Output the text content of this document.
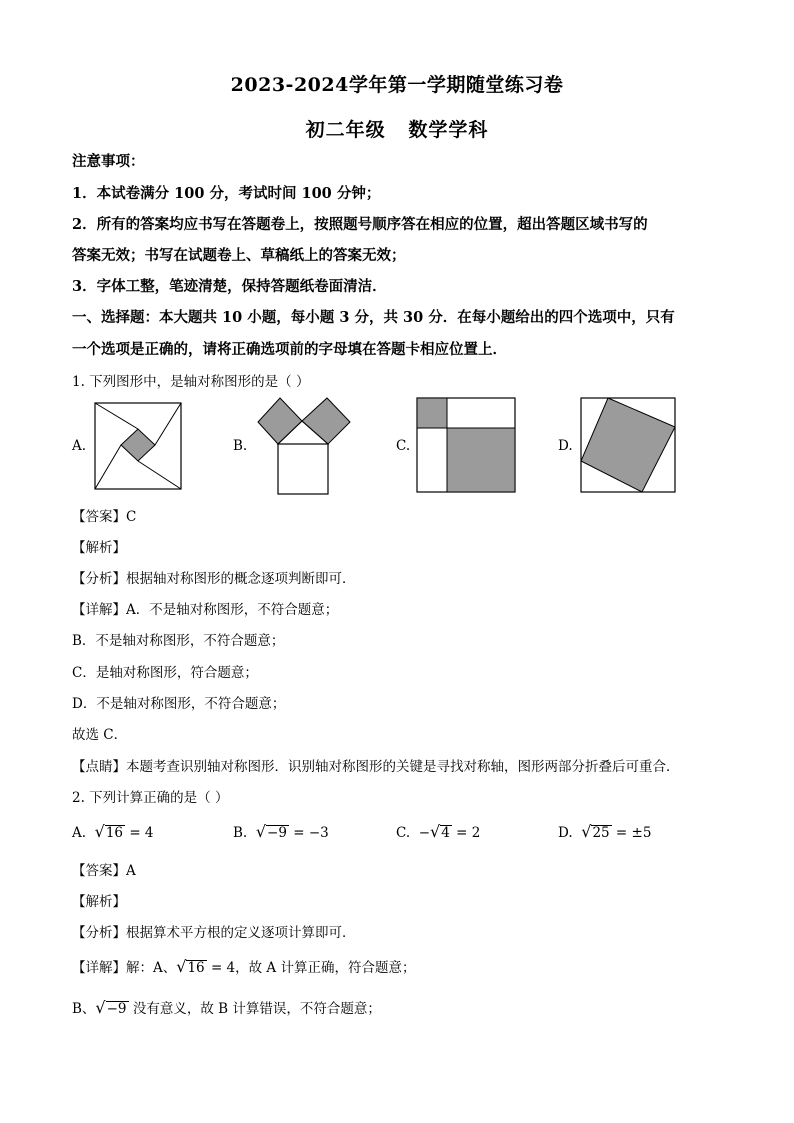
2023-2024学年第一学期随堂练习卷
初二年级   数学学科
注意事项：
1．本试卷满分 100 分，考试时间 100 分钟；
2．所有的答案均应书写在答题卷上，按照题号顺序答在相应的位置，超出答题区域书写的
答案无效；书写在试题卷上、草稿纸上的答案无效；
3．字体工整，笔迹清楚，保持答题纸卷面清洁．
一、选择题：本大题共 10 小题，每小题 3 分，共 30 分．在每小题给出的四个选项中，只有
一个选项是正确的，请将正确选项前的字母填在答题卡相应位置上．
1. 下列图形中，是轴对称图形的是（ ）
A.	B.	C.	D.
【答案】C
【解析】
【分析】根据轴对称图形的概念逐项判断即可．
【详解】A．不是轴对称图形，不符合题意；
B．不是轴对称图形，不符合题意；
C．是轴对称图形，符合题意；
D．不是轴对称图形，不符合题意；
故选 C．
【点睛】本题考查识别轴对称图形．识别轴对称图形的关键是寻找对称轴，图形两部分折叠后可重合．
2. 下列计算正确的是（ ）
A. √16 = 4	B. √−9 = −3	C. −√4 = 2	D. √25 = ±5
【答案】A
【解析】
【分析】根据算术平方根的定义逐项计算即可．
【详解】解：A、√16 = 4，故 A 计算正确，符合题意；
B、√−9 没有意义，故 B 计算错误，不符合题意；
